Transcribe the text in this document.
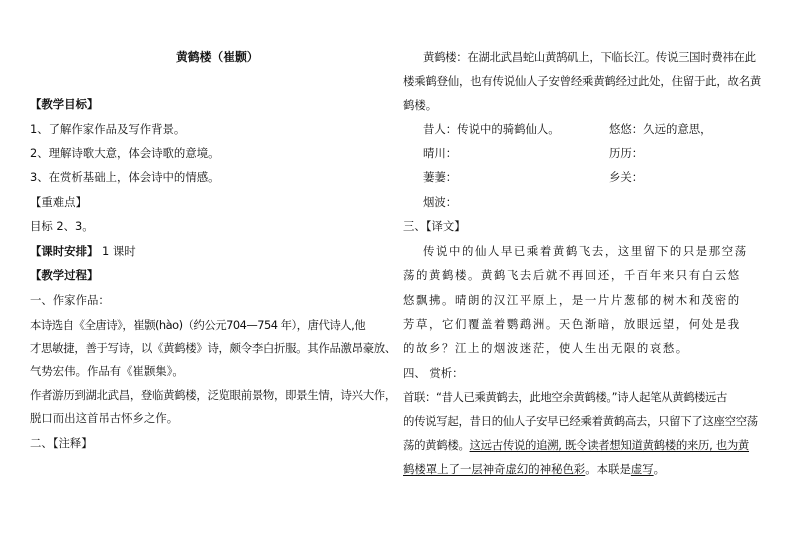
黄鹤楼（崔颢）
【教学目标】
1、了解作家作品及写作背景。
2、理解诗歌大意，体会诗歌的意境。
3、在赏析基础上，体会诗中的情感。
【重难点】
目标 2、3。
【课时安排】 1 课时
【教学过程】
一、作家作品：
本诗选自《全唐诗》，崔颢(hào)（约公元704—754 年），唐代诗人,他
才思敏捷，善于写诗，以《黄鹤楼》诗，颇令李白折服。其作品激昂豪放、
气势宏伟。作品有《崔颢集》。
作者游历到湖北武昌，登临黄鹤楼，泛览眼前景物，即景生情，诗兴大作，
脱口而出这首吊古怀乡之作。
二、【注释】
黄鹤楼：在湖北武昌蛇山黄鹄矶上，下临长江。传说三国时费祎在此
楼乘鹤登仙，也有传说仙人子安曾经乘黄鹤经过此处，住留于此，故名黄
鹤楼。
昔人：传说中的骑鹤仙人。	悠悠：久远的意思，
晴川：	历历：
萋萋：	乡关：
烟波：
三、【译文】
传说中的仙人早已乘着黄鹤飞去，这里留下的只是那空荡
荡的黄鹤楼。黄鹤飞去后就不再回还，千百年来只有白云悠
悠飘拂。晴朗的汉江平原上，是一片片葱郁的树木和茂密的
芳草，它们覆盖着鹦鹉洲。天色渐暗，放眼远望，何处是我
的故乡？江上的烟波迷茫，使人生出无限的哀愁。
四、 赏析：
首联：“昔人已乘黄鹤去，此地空余黄鹤楼。”诗人起笔从黄鹤楼远古
的传说写起，昔日的仙人子安早已经乘着黄鹤高去，只留下了这座空空荡
荡的黄鹤楼。这远古传说的追溯, 既令读者想知道黄鹤楼的来历, 也为黄
鹤楼罩上了一层神奇虚幻的神秘色彩。本联是虚写。
